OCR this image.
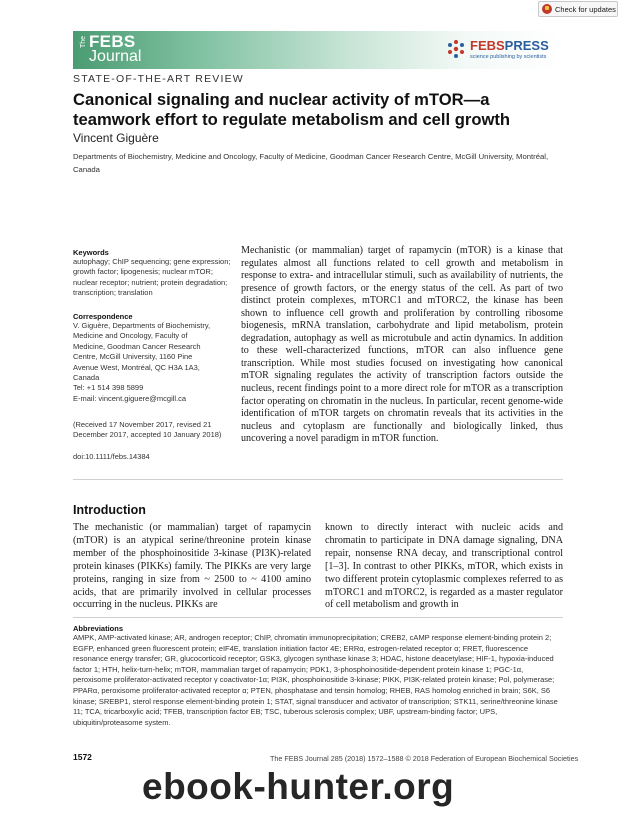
Check for updates
The FEBS
Journal
FEBSPRESS
science publishing by scientists
STATE-OF-THE-ART REVIEW
Canonical signaling and nuclear activity of mTOR—a teamwork effort to regulate metabolism and cell growth
Vincent Giguère
Departments of Biochemistry, Medicine and Oncology, Faculty of Medicine, Goodman Cancer Research Centre, McGill University, Montréal, Canada
Keywords
autophagy; ChIP sequencing; gene expression; growth factor; lipogenesis; nuclear mTOR; nuclear receptor; nutrient; protein degradation; transcription; translation
Correspondence
V. Giguère, Departments of Biochemistry,
Medicine and Oncology, Faculty of
Medicine, Goodman Cancer Research
Centre, McGill University, 1160 Pine
Avenue West, Montréal, QC H3A 1A3,
Canada
Tel: +1 514 398 5899
E-mail: vincent.giguere@mcgill.ca
(Received 17 November 2017, revised 21 December 2017, accepted 10 January 2018)
doi:10.1111/febs.14384
Mechanistic (or mammalian) target of rapamycin (mTOR) is a kinase that regulates almost all functions related to cell growth and metabolism in response to extra- and intracellular stimuli, such as availability of nutrients, the presence of growth factors, or the energy status of the cell. As part of two distinct protein complexes, mTORC1 and mTORC2, the kinase has been shown to influence cell growth and proliferation by controlling ribosome biogenesis, mRNA translation, carbohydrate and lipid metabolism, protein degradation, autophagy as well as microtubule and actin dynamics. In addition to these well-characterized functions, mTOR can also influence gene transcription. While most studies focused on investigating how canonical mTOR signaling regulates the activity of transcription factors outside the nucleus, recent findings point to a more direct role for mTOR as a transcription factor operating on chromatin in the nucleus. In particular, recent genome-wide identification of mTOR targets on chromatin reveals that its activities in the nucleus and cytoplasm are functionally and biologically linked, thus uncovering a novel paradigm in mTOR function.
Introduction
The mechanistic (or mammalian) target of rapamycin (mTOR) is an atypical serine/threonine protein kinase member of the phosphoinositide 3-kinase (PI3K)-related protein kinases (PIKKs) family. The PIKKs are very large proteins, ranging in size from ~ 2500 to ~ 4100 amino acids, that are primarily involved in cellular processes occurring in the nucleus. PIKKs are
known to directly interact with nucleic acids and chromatin to participate in DNA damage signaling, DNA repair, nonsense RNA decay, and transcriptional control [1–3]. In contrast to other PIKKs, mTOR, which exists in two different protein cytoplasmic complexes referred to as mTORC1 and mTORC2, is regarded as a master regulator of cell metabolism and growth in
Abbreviations
AMPK, AMP-activated kinase; AR, androgen receptor; ChIP, chromatin immunoprecipitation; CREB2, cAMP response element-binding protein 2; EGFP, enhanced green fluorescent protein; eIF4E, translation initiation factor 4E; ERRα, estrogen-related receptor α; FRET, fluorescence resonance energy transfer; GR, glucocorticoid receptor; GSK3, glycogen synthase kinase 3; HDAC, histone deacetylase; HIF-1, hypoxia-induced factor 1; HTH, helix-turn-helix; mTOR, mammalian target of rapamycin; PDK1, 3-phosphoinositide-dependent protein kinase 1; PGC-1α, peroxisome proliferator-activated receptor γ coactivator-1α; PI3K, phosphoinositide 3-kinase; PIKK, PI3K-related protein kinase; Pol, polymerase; PPARα, peroxisome proliferator-activated receptor α; PTEN, phosphatase and tensin homolog; RHEB, RAS homolog enriched in brain; S6K, S6 kinase; SREBP1, sterol response element-binding protein 1; STAT, signal transducer and activator of transcription; STK11, serine/threonine kinase 11; TCA, tricarboxylic acid; TFEB, transcription factor EB; TSC, tuberous sclerosis complex; UBF, upstream-binding factor; UPS, ubiquitin/proteasome system.
1572	The FEBS Journal 285 (2018) 1572–1588 © 2018 Federation of European Biochemical Societies
ebook-hunter.org
